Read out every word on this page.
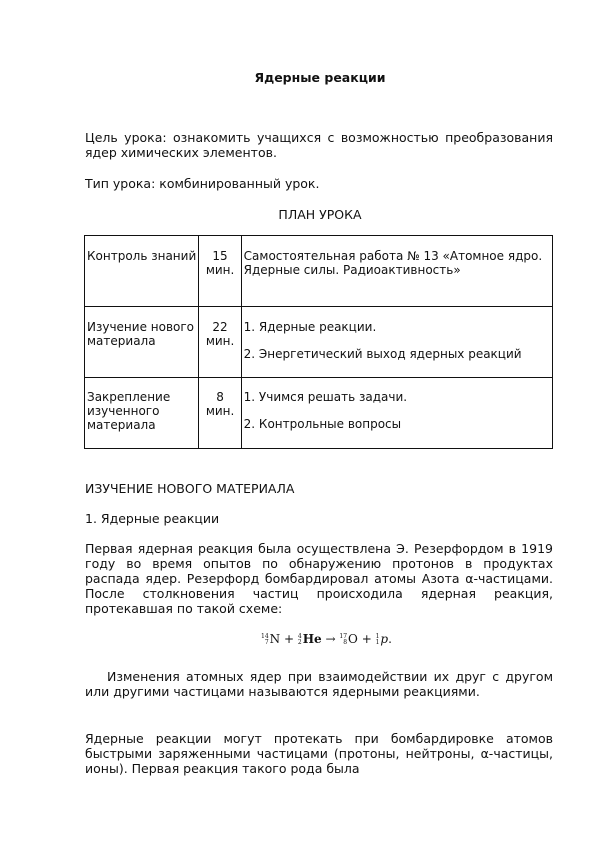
Ядерные реакции
Цель урока: ознакомить учащихся с возможностью преобразования ядер химических элементов.
Тип урока: комбинированный урок.
ПЛАН УРОКА
Контроль знаний	15 мин.	Самостоятельная работа № 13 «Атомное ядро. Ядерные силы. Радиоактивность»

Изучение нового материала	22 мин.	1. Ядерные реакции.
2. Энергетический выход ядерных реакций

Закрепление изученного материала	8 мин.	1. Учимся решать задачи.
2. Контрольные вопросы
ИЗУЧЕНИЕ НОВОГО МАТЕРИАЛА
1. Ядерные реакции
Первая ядерная реакция была осуществлена Э. Резерфордом в 1919 году во время опытов по обнаружению протонов в продуктах распада ядер. Резерфорд бомбардировал атомы Азота α-частицами. После столкновения частиц происходила ядерная реакция, протекавшая по такой схеме:
14
7N + 4
2He → 17
8O + 1
1p.
Изменения атомных ядер при взаимодействии их друг с другом или другими частицами называются ядерными реакциями.
Ядерные реакции могут протекать при бомбардировке атомов быстрыми заряженными частицами (протоны, нейтроны, α-частицы, ионы). Первая реакция такого рода была
